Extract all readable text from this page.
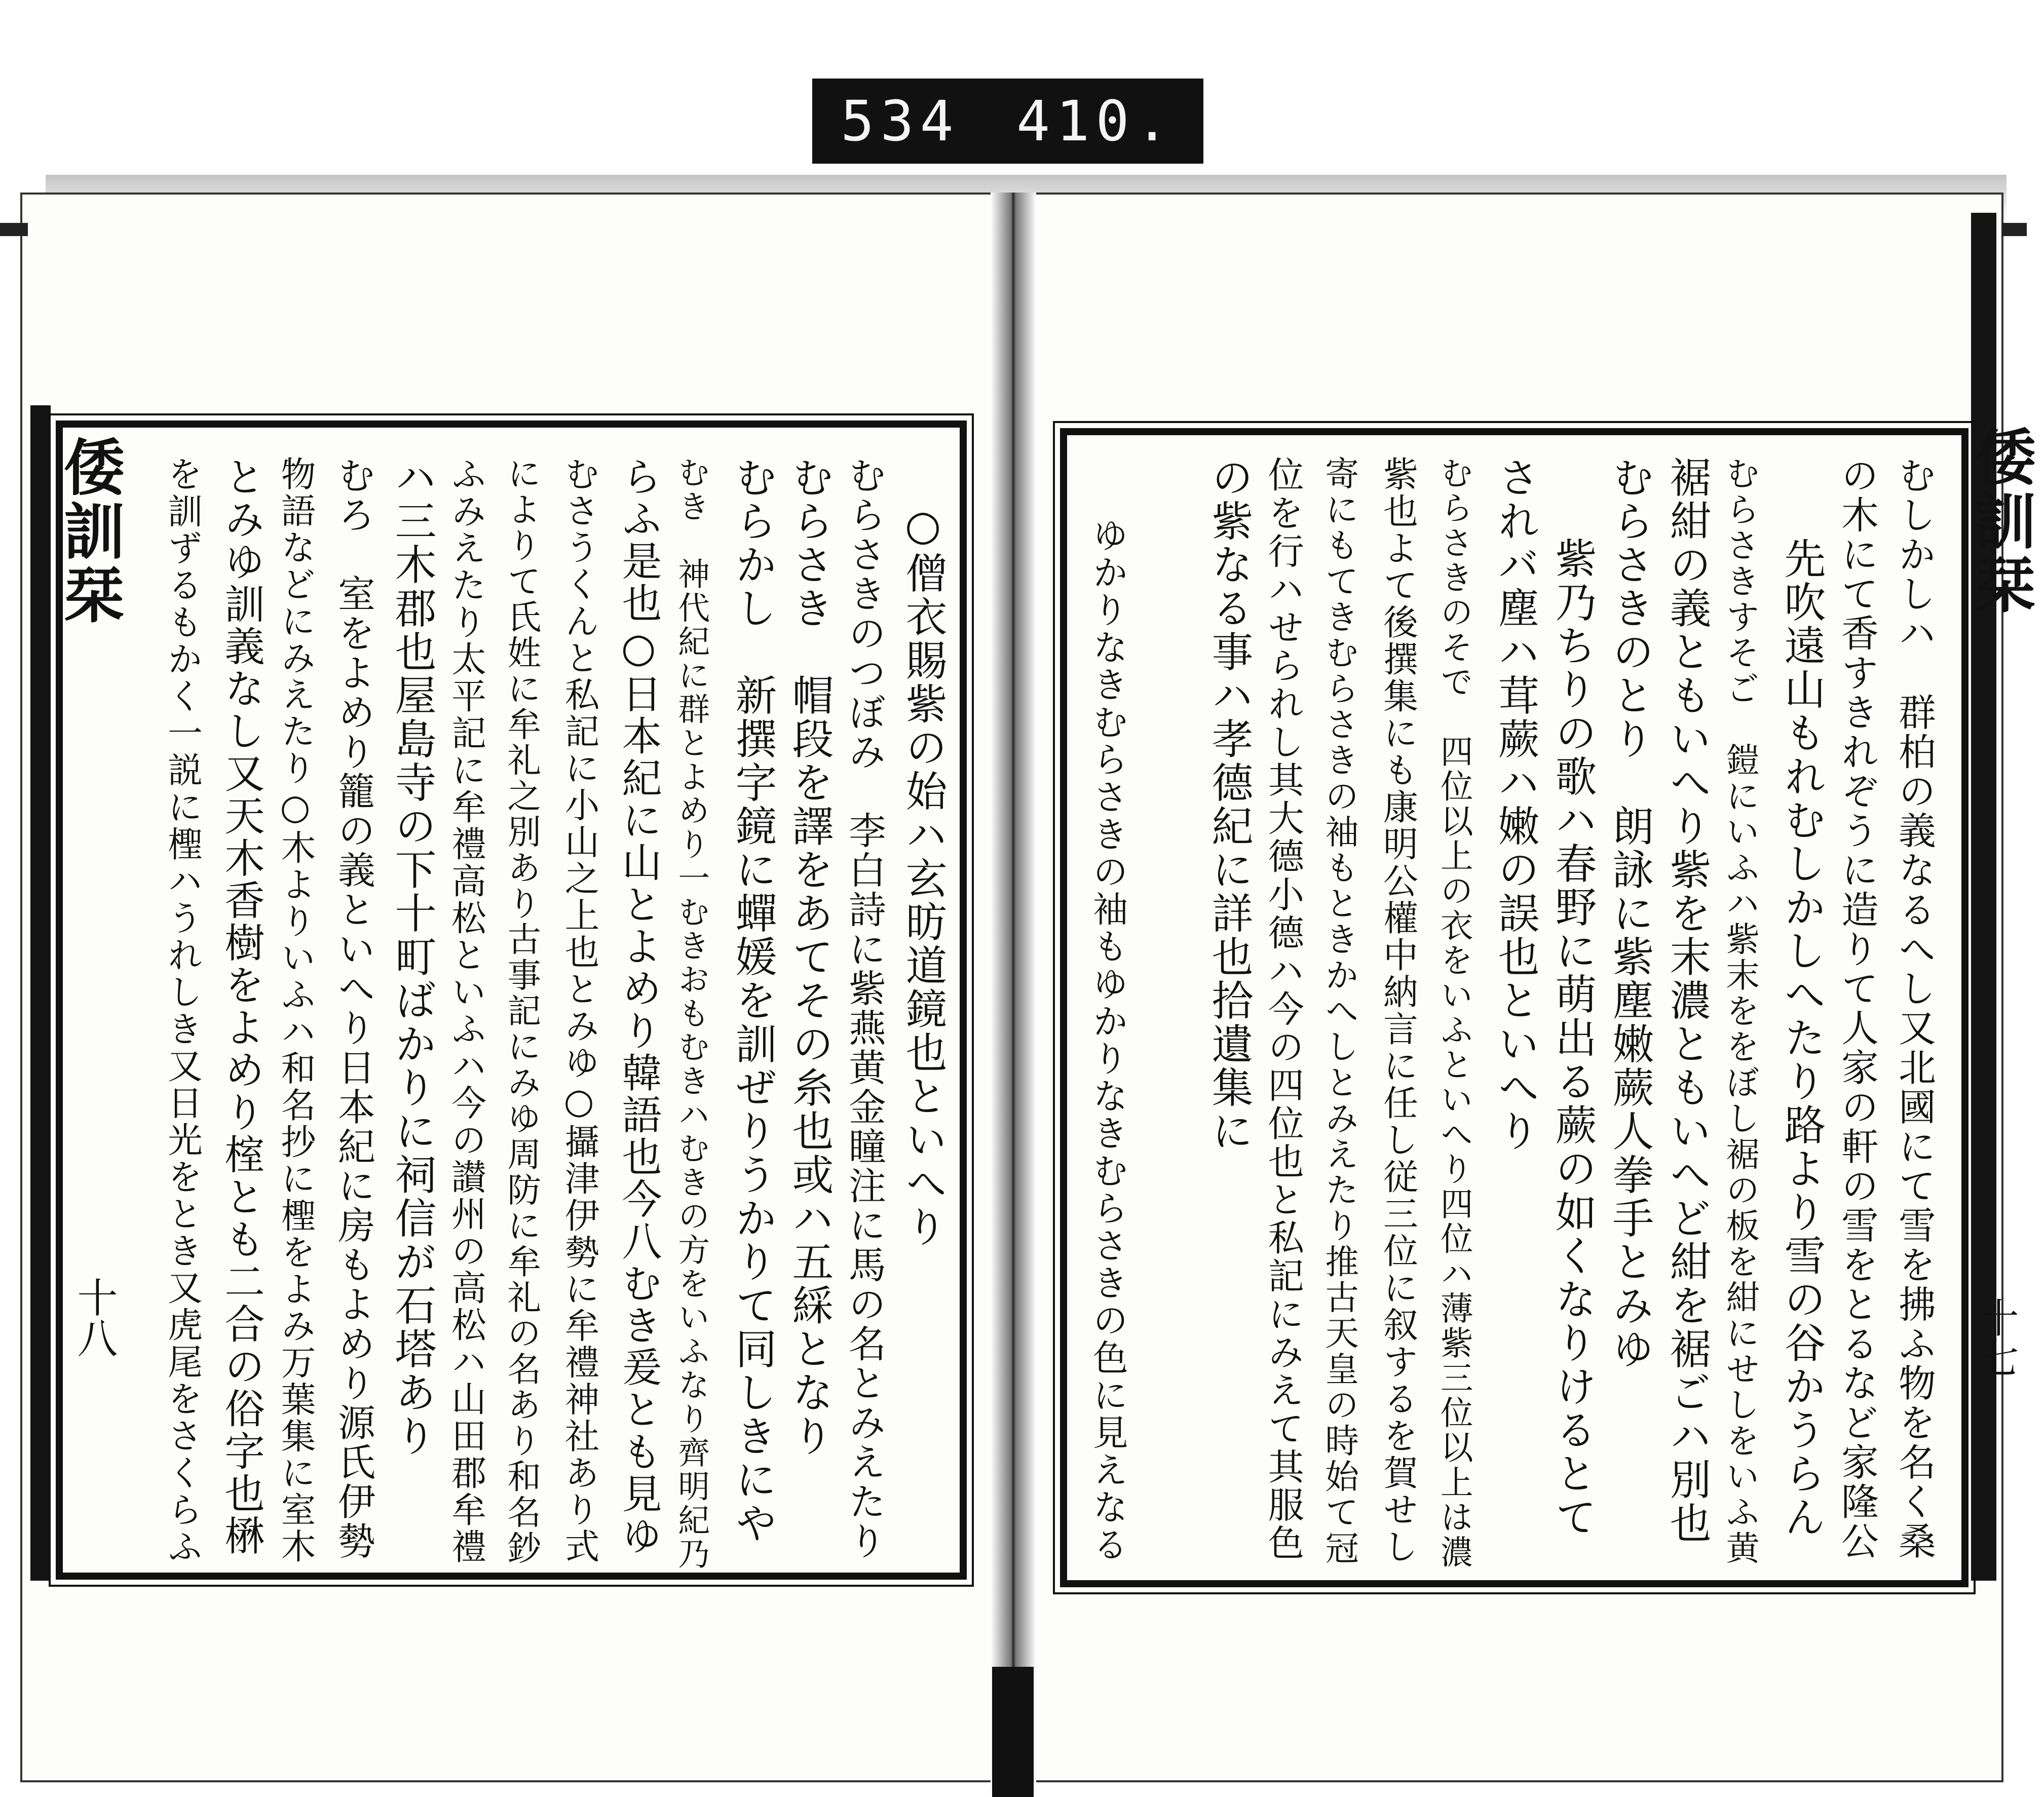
534 410.
倭訓栞	倭訓栞
十八	十七
むしかしハ　群柏の義なるへし又北國にて雪を拂ふ物を名く桑
の木にて香すきれぞうに造りて人家の軒の雪をとるなど家隆公
先吹遠山もれむしかしへたり路より雪の谷かうらん
むらさきすそご　鎧にいふハ紫末ををぼし裾の板を紺にせしをいふ黄
裾紺の義ともいへり紫を末濃ともいへど紺を裾ごハ別也
むらさきのとり　朗詠に紫塵嫩蕨人拳手とみゆ
紫乃ちりの歌ハ春野に萌出る蕨の如くなりけるとて
されバ塵ハ茸蕨ハ嫩の誤也といへり
むらさきのそで　四位以上の衣をいふといへり四位ハ薄紫三位以上は濃
紫也よて後撰集にも康明公權中納言に任し従三位に叙するを賀せし
寄にもてきむらさきの袖もときかへしとみえたり推古天皇の時始て冠
位を行ハせられし其大德小德ハ今の四位也と私記にみえて其服色
の紫なる事ハ孝德紀に詳也拾遺集に
ゆかりなきむらさきの袖もゆかりなきむらさきの色に見えなる
○僧衣賜紫の始ハ玄昉道鏡也といへり
むらさきのつぼみ　李白詩に紫燕黄金瞳注に馬の名とみえたり
むらさき　帽段を譯をあてその糸也或ハ五綵となり
むらかし　新撰字鏡に蟬媛を訓ぜりうかりて同しきにや
むき　神代紀に群とよめり一むきおもむきハむきの方をいふなり齊明紀乃
らふ是也○日本紀に山とよめり韓語也今八むき爰とも見ゆ
むさうくんと私記に小山之上也とみゆ○攝津伊勢に牟禮神社あり式
によりて氏姓に牟礼之別あり古事記にみゆ周防に牟礼の名あり和名鈔
ふみえたり太平記に牟禮高松といふハ今の讃州の高松ハ山田郡牟禮
ハ三木郡也屋島寺の下十町ばかりに祠信が石塔あり
むろ　室をよめり籠の義といへり日本紀に房もよめり源氏伊勢
物語などにみえたり○木よりいふハ和名抄に檉をよみ万葉集に室木
とみゆ訓義なし又天木香樹をよめり榁とも二合の俗字也楙
を訓ずるもかく一説に檉ハうれしき又日光をとき又虎尾をさくらふ
